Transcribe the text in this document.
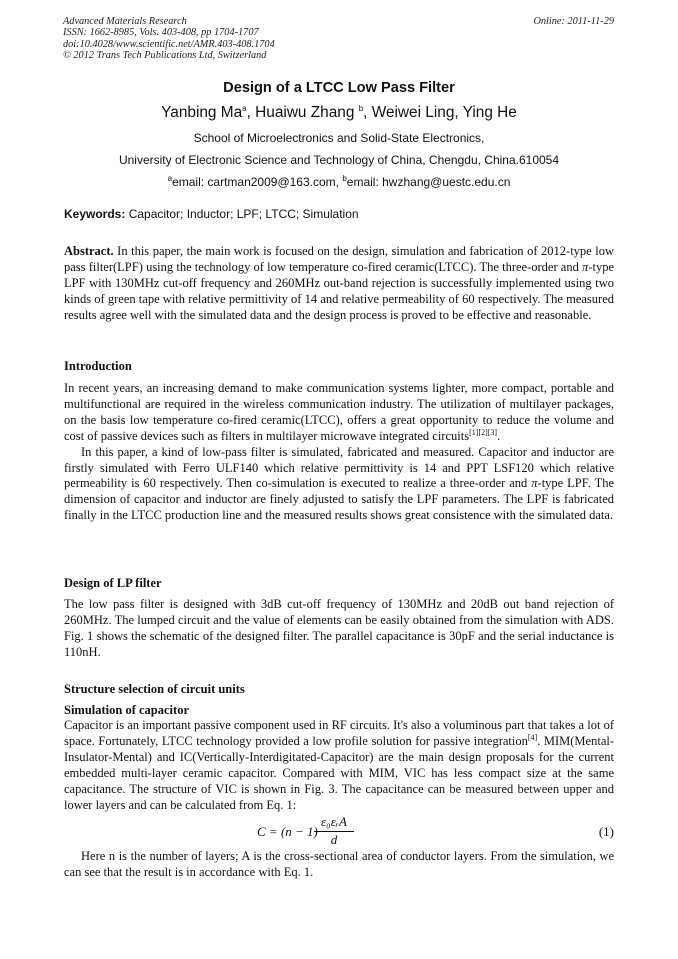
Advanced Materials Research
ISSN: 1662-8985, Vols. 403-408, pp 1704-1707
doi:10.4028/www.scientific.net/AMR.403-408.1704
© 2012 Trans Tech Publications Ltd, Switzerland
Online: 2011-11-29
Design of a LTCC Low Pass Filter
Yanbing Ma$^a$, Huaiwu Zhang $^b$, Weiwei Ling, Ying He
School of Microelectronics and Solid-State Electronics,
University of Electronic Science and Technology of China, Chengdu, China.610054
$^a$email: cartman2009@163.com, $^b$email: hwzhang@uestc.edu.cn
Keywords: Capacitor; Inductor; LPF; LTCC; Simulation
Abstract. In this paper, the main work is focused on the design, simulation and fabrication of 2012-type low pass filter(LPF) using the technology of low temperature co-fired ceramic(LTCC). The three-order and π-type LPF with 130MHz cut-off frequency and 260MHz out-band rejection is successfully implemented using two kinds of green tape with relative permittivity of 14 and relative permeability of 60 respectively. The measured results agree well with the simulated data and the design process is proved to be effective and reasonable.
Introduction
In recent years, an increasing demand to make communication systems lighter, more compact, portable and multifunctional are required in the wireless communication industry. The utilization of multilayer packages, on the basis low temperature co-fired ceramic(LTCC), offers a great opportunity to reduce the volume and cost of passive devices such as filters in multilayer microwave integrated circuits[1][2][3].
In this paper, a kind of low-pass filter is simulated, fabricated and measured. Capacitor and inductor are firstly simulated with Ferro ULF140 which relative permittivity is 14 and PPT LSF120 which relative permeability is 60 respectively. Then co-simulation is executed to realize a three-order and π-type LPF. The dimension of capacitor and inductor are finely adjusted to satisfy the LPF parameters. The LPF is fabricated finally in the LTCC production line and the measured results shows great consistence with the simulated data.
Design of LP filter
The low pass filter is designed with 3dB cut-off frequency of 130MHz and 20dB out band rejection of 260MHz. The lumped circuit and the value of elements can be easily obtained from the simulation with ADS. Fig. 1 shows the schematic of the designed filter. The parallel capacitance is 30pF and the serial inductance is 110nH.
Structure selection of circuit units
Simulation of capacitor
Capacitor is an important passive component used in RF circuits. It's also a voluminous part that takes a lot of space. Fortunately, LTCC technology provided a low profile solution for passive integration[4]. MIM(Mental-Insulator-Mental) and IC(Vertically-Interdigitated-Capacitor) are the main design proposals for the current embedded multi-layer ceramic capacitor. Compared with MIM, VIC has less compact size at the same capacitance. The structure of VIC is shown in Fig. 3. The capacitance can be measured between upper and lower layers and can be calculated from Eq. 1:
C = (n − 1)
ε₀εᵣA
d
(1)
Here n is the number of layers; A is the cross-sectional area of conductor layers. From the simulation, we can see that the result is in accordance with Eq. 1.
